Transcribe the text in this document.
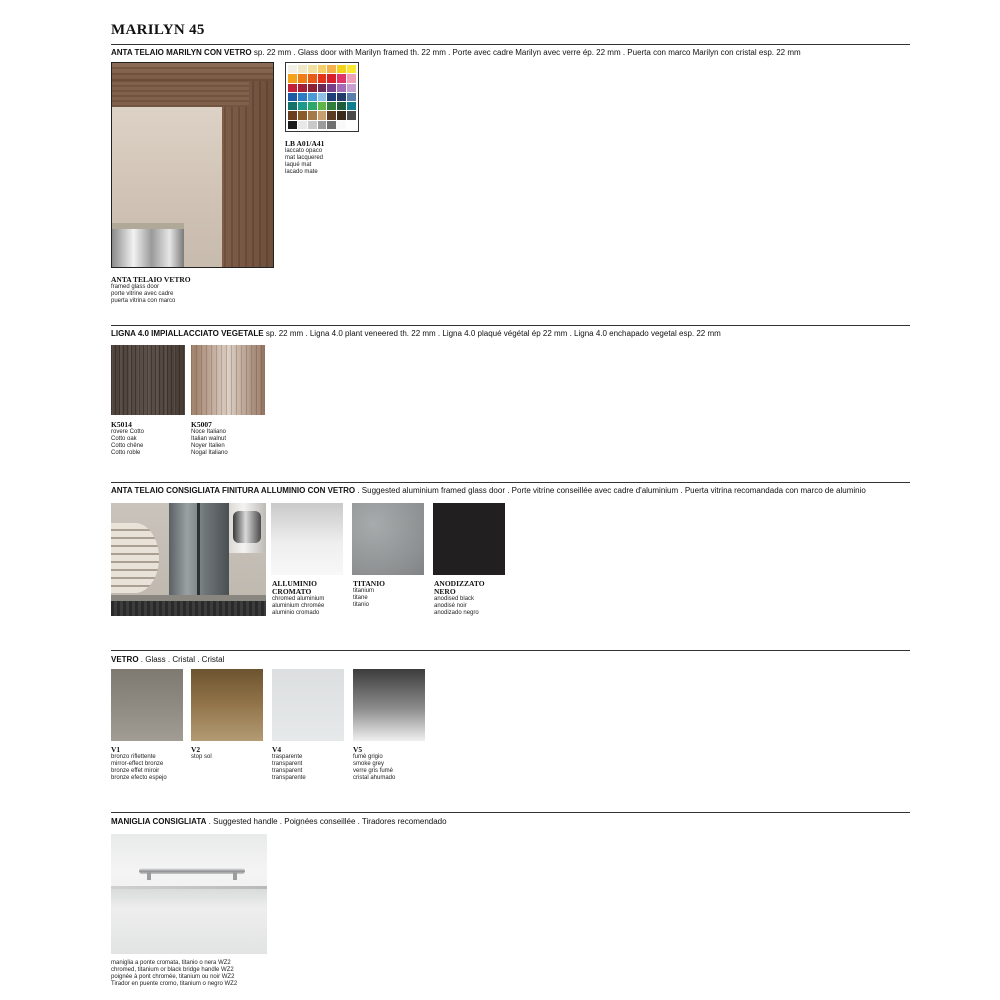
MARILYN 45
ANTA TELAIO MARILYN CON VETRO sp. 22 mm . Glass door with Marilyn framed th. 22 mm . Porte avec cadre Marilyn avec verre ép. 22 mm . Puerta con marco Marilyn con cristal esp. 22 mm
ANTA TELAIO VETRO
framed glass door
porte vitrine avec cadre
puerta vitrina con marco
LB A01/A41
laccato opaco
mat lacquered
laqué mat
lacado mate
LIGNA 4.0 IMPIALLACCIATO VEGETALE sp. 22 mm . Ligna 4.0 plant veneered th. 22 mm . Ligna 4.0 plaqué végétal ép 22 mm . Ligna 4.0 enchapado vegetal esp. 22 mm
K5014
rovere Cotto
Cotto oak
Cotto chêne
Cotto roble
K5007
Noce Italiano
Italian walnut
Noyer Italien
Nogal Italiano
ANTA TELAIO CONSIGLIATA FINITURA ALLUMINIO CON VETRO . Suggested aluminium framed glass door . Porte vitrine conseillée avec cadre d'aluminium . Puerta vitrina recomandada con marco de aluminio
ALLUMINIO CROMATO
chromed aluminium
aluminium chromée
aluminio cromado
TITANIO
titanium
titane
titanio
ANODIZZATO NERO
anodised black
anodisé noir
anodizado negro
VETRO . Glass . Cristal . Cristal
V1
bronzo riflettente
mirror-effect bronze
bronze effet miroir
bronze efecto espejo
V2
stop sol
V4
trasparente
transparent
transparent
transparente
V5
fumè grigio
smoke grey
verre gris fumé
cristal ahumado
MANIGLIA CONSIGLIATA . Suggested handle . Poignées conseillée . Tiradores recomendado
maniglia a ponte cromata, titanio o nera WZ2
chromed, titanium or black bridge handle WZ2
poignée à pont chromée, titanium ou noir WZ2
Tirador en puente cromo, titanium o negro WZ2
